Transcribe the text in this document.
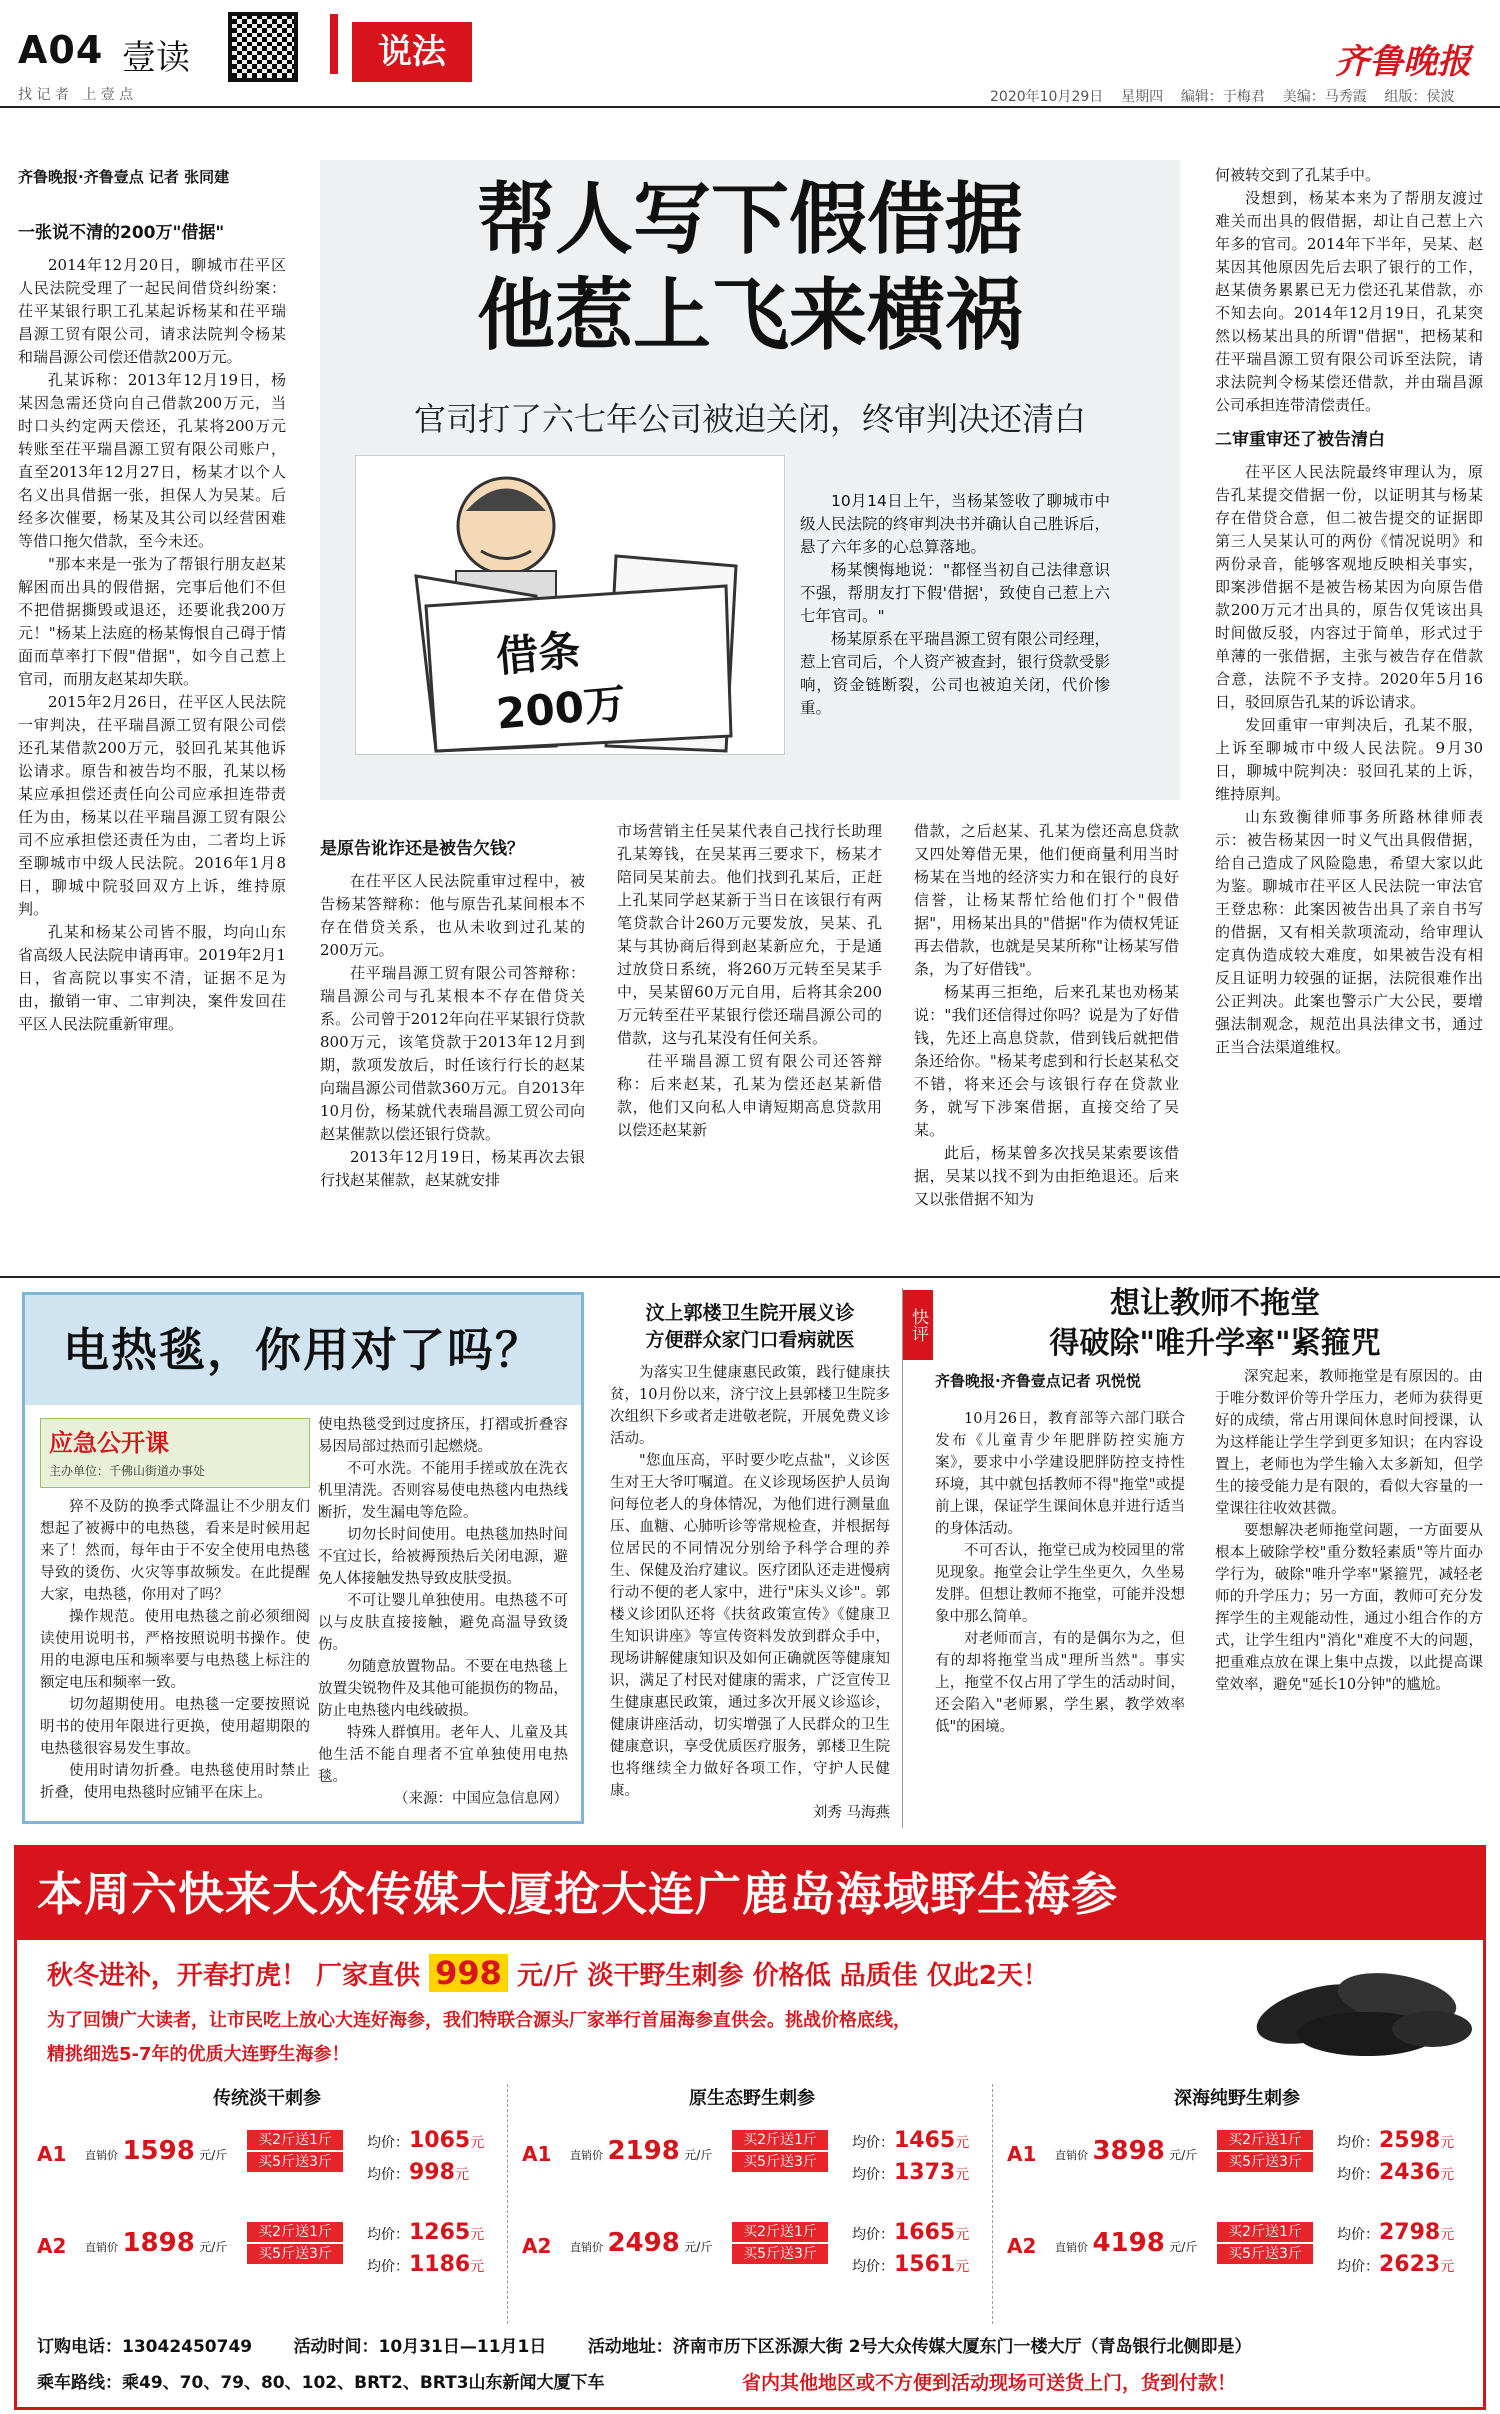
A04 壹读
找 记 者   上 壹 点
说法	齐鲁晚报
2020年10月29日 星期四 编辑：于梅君 美编：马秀霞 组版：侯波
齐鲁晚报·齐鲁壹点 记者 张同建	帮人写下假借据
他惹上飞来横祸
官司打了六七年公司被迫关闭，终审判决还清白
借条
200万

10月14日上午，当杨某签收了聊城市中级人民法院的终审判决书并确认自己胜诉后，悬了六年多的心总算落地。

杨某懊悔地说："都怪当初自己法律意识不强，帮朋友打下假'借据'，致使自己惹上六七年官司。"

杨某原系在平瑞昌源工贸有限公司经理，惹上官司后，个人资产被查封，银行贷款受影响，资金链断裂，公司也被迫关闭，代价惨重。

一张说不清的200万"借据"

2014年12月20日，聊城市茌平区人民法院受理了一起民间借贷纠纷案：茌平某银行职工孔某起诉杨某和茌平瑞昌源工贸有限公司，请求法院判令杨某和瑞昌源公司偿还借款200万元。

孔某诉称：2013年12月19日，杨某因急需还贷向自己借款200万元，当时口头约定两天偿还，孔某将200万元转账至茌平瑞昌源工贸有限公司账户，直至2013年12月27日，杨某才以个人名义出具借据一张，担保人为吴某。后经多次催要，杨某及其公司以经营困难等借口拖欠借款，至今未还。

"那本来是一张为了帮银行朋友赵某解困而出具的假借据，完事后他们不但不把借据撕毁或退还，还要讹我200万元！"杨某上法庭的杨某悔恨自己碍于情面而草率打下假"借据"，如今自己惹上官司，而朋友赵某却失联。

2015年2月26日，茌平区人民法院一审判决，茌平瑞昌源工贸有限公司偿还孔某借款200万元，驳回孔某其他诉讼请求。原告和被告均不服，孔某以杨某应承担偿还责任向公司应承担连带责任为由，杨某以茌平瑞昌源工贸有限公司不应承担偿还责任为由，二者均上诉至聊城市中级人民法院。2016年1月8日，聊城中院驳回双方上诉，维持原判。

孔某和杨某公司皆不服，均向山东省高级人民法院申请再审。2019年2月1日，省高院以事实不清，证据不足为由，撤销一审、二审判决，案件发回茌平区人民法院重新审理。

是原告讹诈还是被告欠钱？

在茌平区人民法院重审过程中，被告杨某答辩称：他与原告孔某间根本不存在借贷关系，也从未收到过孔某的200万元。

茌平瑞昌源工贸有限公司答辩称：瑞昌源公司与孔某根本不存在借贷关系。公司曾于2012年向茌平某银行贷款800万元，该笔贷款于2013年12月到期，款项发放后，时任该行行长的赵某向瑞昌源公司借款360万元。自2013年10月份，杨某就代表瑞昌源工贸公司向赵某催款以偿还银行贷款。

2013年12月19日，杨某再次去银行找赵某催款，赵某就安排

市场营销主任吴某代表自己找行长助理孔某筹钱，在吴某再三要求下，杨某才陪同吴某前去。他们找到孔某后，正赶上孔某同学赵某新于当日在该银行有两笔贷款合计260万元要发放，吴某、孔某与其协商后得到赵某新应允，于是通过放贷日系统，将260万元转至吴某手中，吴某留60万元自用，后将其余200万元转至茌平某银行偿还瑞昌源公司的借款，这与孔某没有任何关系。

茌平瑞昌源工贸有限公司还答辩称：后来赵某，孔某为偿还赵某新借款，他们又向私人申请短期高息贷款用以偿还赵某新

借款，之后赵某、孔某为偿还高息贷款又四处筹借无果，他们便商量利用当时杨某在当地的经济实力和在银行的良好信誉，让杨某帮忙给他们打个"假借据"，用杨某出具的"借据"作为债权凭证再去借款，也就是吴某所称"让杨某写借条，为了好借钱"。

杨某再三拒绝，后来孔某也劝杨某说："我们还信得过你吗？说是为了好借钱，先还上高息贷款，借到钱后就把借条还给你。"杨某考虑到和行长赵某私交不错，将来还会与该银行存在贷款业务，就写下涉案借据，直接交给了吴某。

此后，杨某曾多次找吴某索要该借据，吴某以找不到为由拒绝退还。后来又以张借据不知为

何被转交到了孔某手中。

没想到，杨某本来为了帮朋友渡过难关而出具的假借据，却让自己惹上六年多的官司。2014年下半年，吴某、赵某因其他原因先后去职了银行的工作，赵某债务累累已无力偿还孔某借款，亦不知去向。2014年12月19日，孔某突然以杨某出具的所谓"借据"，把杨某和茌平瑞昌源工贸有限公司诉至法院，请求法院判令杨某偿还借款，并由瑞昌源公司承担连带清偿责任。

二审重审还了被告清白

茌平区人民法院最终审理认为，原告孔某提交借据一份，以证明其与杨某存在借贷合意，但二被告提交的证据即第三人吴某认可的两份《情况说明》和两份录音，能够客观地反映相关事实，即案涉借据不是被告杨某因为向原告借款200万元才出具的，原告仅凭该出具时间做反驳，内容过于简单，形式过于单薄的一张借据，主张与被告存在借款合意，法院不予支持。2020年5月16日，驳回原告孔某的诉讼请求。

发回重审一审判决后，孔某不服，上诉至聊城市中级人民法院。9月30日，聊城中院判决：驳回孔某的上诉，维持原判。

山东致衡律师事务所路林律师表示：被告杨某因一时义气出具假借据，给自己造成了风险隐患，希望大家以此为鉴。聊城市茌平区人民法院一审法官王登忠称：此案因被告出具了亲自书写的借据，又有相关款项流动，给审理认定真伪造成较大难度，如果被告没有相反且证明力较强的证据，法院很难作出公正判决。此案也警示广大公民，要增强法制观念，规范出具法律文书，通过正当合法渠道维权。

电热毯，你用对了吗？
应急公开课
主办单位：千佛山街道办事处

猝不及防的换季式降温让不少朋友们想起了被褥中的电热毯，看来是时候用起来了！然而，每年由于不安全使用电热毯导致的烫伤、火灾等事故频发。在此提醒大家，电热毯，你用对了吗？

操作规范。使用电热毯之前必须细阅读使用说明书，严格按照说明书操作。使用的电源电压和频率要与电热毯上标注的额定电压和频率一致。

切勿超期使用。电热毯一定要按照说明书的使用年限进行更换，使用超期限的电热毯很容易发生事故。

使用时请勿折叠。电热毯使用时禁止折叠，使用电热毯时应铺平在床上。

使电热毯受到过度挤压，打褶或折叠容易因局部过热而引起燃烧。

不可水洗。不能用手搓或放在洗衣机里清洗。否则容易使电热毯内电热线断折，发生漏电等危险。

切勿长时间使用。电热毯加热时间不宜过长，给被褥预热后关闭电源，避免人体接触发热导致皮肤受损。

不可让婴儿单独使用。电热毯不可以与皮肤直接接触，避免高温导致烫伤。

勿随意放置物品。不要在电热毯上放置尖锐物件及其他可能损伤的物品，防止电热毯内电线破损。

特殊人群慎用。老年人、儿童及其他生活不能自理者不宜单独使用电热毯。

（来源：中国应急信息网）

汶上郭楼卫生院开展义诊
方便群众家门口看病就医

为落实卫生健康惠民政策，践行健康扶贫，10月份以来，济宁汶上县郭楼卫生院多次组织下乡或者走进敬老院，开展免费义诊活动。

"您血压高，平时要少吃点盐"，义诊医生对王大爷叮嘱道。在义诊现场医护人员询问每位老人的身体情况，为他们进行测量血压、血糖、心肺听诊等常规检查，并根据每位居民的不同情况分别给予科学合理的养生、保健及治疗建议。医疗团队还走进慢病行动不便的老人家中，进行"床头义诊"。郭楼义诊团队还将《扶贫政策宣传》《健康卫生知识讲座》等宣传资料发放到群众手中，现场讲解健康知识及如何正确就医等健康知识，满足了村民对健康的需求，广泛宣传卫生健康惠民政策，通过多次开展义诊巡诊，健康讲座活动，切实增强了人民群众的卫生健康意识，享受优质医疗服务，郭楼卫生院也将继续全力做好各项工作，守护人民健康。

刘秀 马海燕

快评
想让教师不拖堂
得破除"唯升学率"紧箍咒
齐鲁晚报·齐鲁壹点记者 巩悦悦

10月26日，教育部等六部门联合发布《儿童青少年肥胖防控实施方案》，要求中小学建设肥胖防控支持性环境，其中就包括教师不得"拖堂"或提前上课，保证学生课间休息并进行适当的身体活动。

不可否认，拖堂已成为校园里的常见现象。拖堂会让学生坐更久，久坐易发胖。但想让教师不拖堂，可能并没想象中那么简单。

对老师而言，有的是偶尔为之，但有的却将拖堂当成"理所当然"。事实上，拖堂不仅占用了学生的活动时间，还会陷入"老师累，学生累，教学效率低"的困境。

深究起来，教师拖堂是有原因的。由于唯分数评价等升学压力，老师为获得更好的成绩，常占用课间休息时间授课，认为这样能让学生学到更多知识；在内容设置上，老师也为学生输入太多新知，但学生的接受能力是有限的，看似大容量的一堂课往往收效甚微。

要想解决老师拖堂问题，一方面要从根本上破除学校"重分数轻素质"等片面办学行为，破除"唯升学率"紧箍咒，减轻老师的升学压力；另一方面，教师可充分发挥学生的主观能动性，通过小组合作的方式，让学生组内"消化"难度不大的问题，把重难点放在课上集中点拨，以此提高课堂效率，避免"延长10分钟"的尴尬。

本周六快来大众传媒大厦抢大连广鹿岛海域野生海参
秋冬进补，开春打虎！ 厂家直供 998 元/斤 淡干野生刺参 价格低 品质佳 仅此2天！
为了回馈广大读者，让市民吃上放心大连好海参，我们特联合源头厂家举行首届海参直供会。挑战价格底线，
精挑细选5-7年的优质大连野生海参！
传统淡干刺参
A1 直销价 1598 元/斤
买2斤送1斤
买5斤送3斤
均价：1065元
均价：998元
A2 直销价 1898 元/斤
买2斤送1斤
买5斤送3斤
均价：1265元
均价：1186元
原生态野生刺参
A1 直销价 2198 元/斤
买2斤送1斤
买5斤送3斤
均价：1465元
均价：1373元
A2 直销价 2498 元/斤
买2斤送1斤
买5斤送3斤
均价：1665元
均价：1561元
深海纯野生刺参
A1 直销价 3898 元/斤
买2斤送1斤
买5斤送3斤
均价：2598元
均价：2436元
A2 直销价 4198 元/斤
买2斤送1斤
买5斤送3斤
均价：2798元
均价：2623元
订购电话：13042450749 活动时间：10月31日—11月1日 活动地址：济南市历下区泺源大街 2号大众传媒大厦东门一楼大厅（青岛银行北侧即是）
乘车路线：乘49、70、79、80、102、BRT2、BRT3山东新闻大厦下车	省内其他地区或不方便到活动现场可送货上门，货到付款！
